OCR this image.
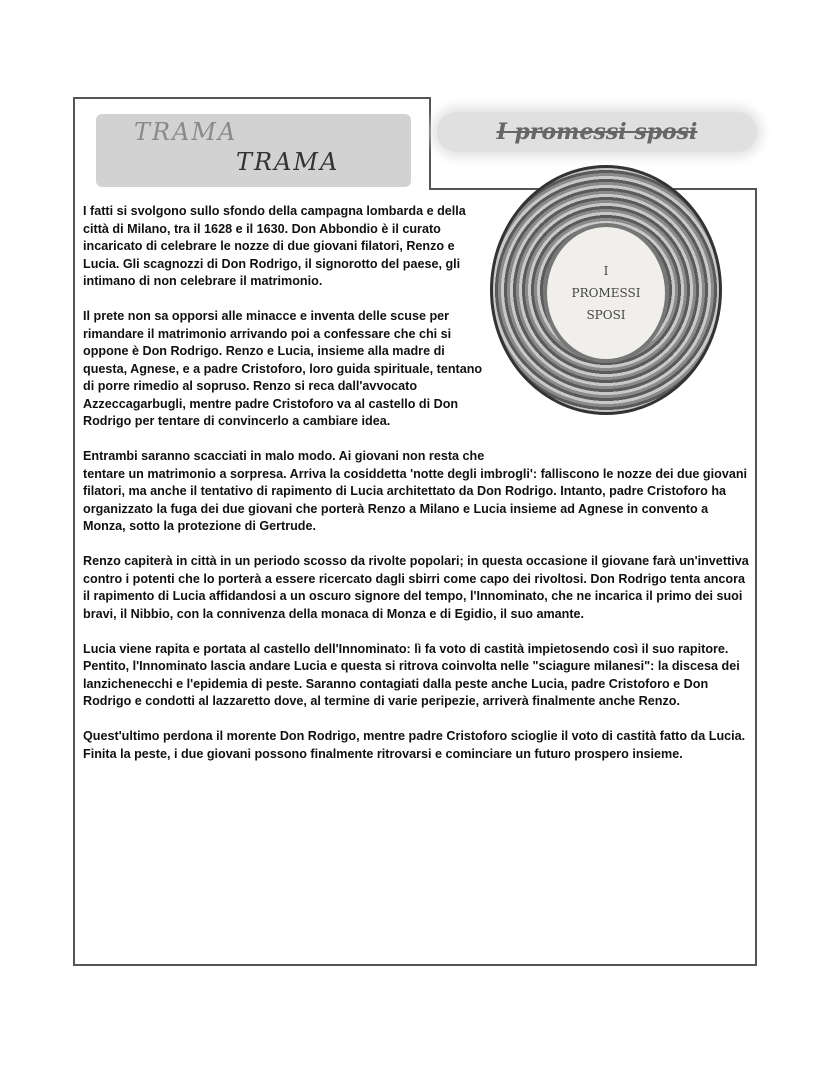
TRAMA
TRAMA
I promessi sposi
I
PROMESSI
SPOSI

I fatti si svolgono sullo sfondo della campagna lombarda e della città di Milano, tra il 1628 e il 1630. Don Abbondio è il curato incaricato di celebrare le nozze di due giovani filatori, Renzo e Lucia. Gli scagnozzi di Don Rodrigo, il signorotto del paese, gli intimano di non celebrare il matrimonio.

Il prete non sa opporsi alle minacce e inventa delle scuse per rimandare il matrimonio arrivando poi a confessare che chi si oppone è Don Rodrigo. Renzo e Lucia, insieme alla madre di questa, Agnese, e a padre Cristoforo, loro guida spirituale, tentano di porre rimedio al sopruso. Renzo si reca dall'avvocato Azzeccagarbugli, mentre padre Cristoforo va al castello di Don Rodrigo per tentare di convincerlo a cambiare idea.

Entrambi saranno scacciati in malo modo. Ai giovani non resta che tentare un matrimonio a sorpresa. Arriva la cosiddetta 'notte degli imbrogli': falliscono le nozze dei due giovani filatori, ma anche il tentativo di rapimento di Lucia architettato da Don Rodrigo. Intanto, padre Cristoforo ha organizzato la fuga dei due giovani che porterà Renzo a Milano e Lucia insieme ad Agnese in convento a Monza, sotto la protezione di Gertrude.

Renzo capiterà in città in un periodo scosso da rivolte popolari; in questa occasione il giovane farà un'invettiva contro i potenti che lo porterà a essere ricercato dagli sbirri come capo dei rivoltosi. Don Rodrigo tenta ancora il rapimento di Lucia affidandosi a un oscuro signore del tempo, l'Innominato, che ne incarica il primo dei suoi bravi, il Nibbio, con la connivenza della monaca di Monza e di Egidio, il suo amante.

Lucia viene rapita e portata al castello dell'Innominato: lì fa voto di castità impietosendo così il suo rapitore. Pentito, l'Innominato lascia andare Lucia e questa si ritrova coinvolta nelle "sciagure milanesi": la discesa dei lanzichenecchi e l'epidemia di peste. Saranno contagiati dalla peste anche Lucia, padre Cristoforo e Don Rodrigo e condotti al lazzaretto dove, al termine di varie peripezie, arriverà finalmente anche Renzo.

Quest'ultimo perdona il morente Don Rodrigo, mentre padre Cristoforo scioglie il voto di castità fatto da Lucia. Finita la peste, i due giovani possono finalmente ritrovarsi e cominciare un futuro prospero insieme.
